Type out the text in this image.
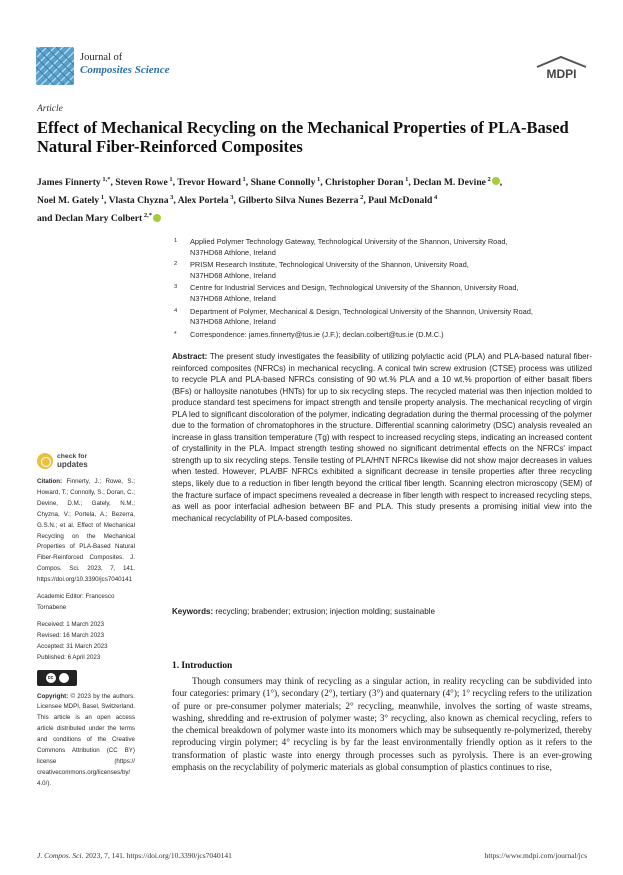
Journal of
Composites Science	MDPI
Article
Effect of Mechanical Recycling on the Mechanical Properties of PLA-Based Natural Fiber-Reinforced Composites
James Finnerty $^{1,*}$, Steven Rowe $^1$, Trevor Howard $^1$, Shane Connolly $^1$, Christopher Doran $^1$, Declan M. Devine $^2$ ,
Noel M. Gately $^1$, Vlasta Chyzna $^3$, Alex Portela $^3$, Gilberto Silva Nunes Bezerra $^2$, Paul McDonald $^4$
and Declan Mary Colbert $^{2,*}$
1 Applied Polymer Technology Gateway, Technological University of the Shannon, University Road,
N37HD68 Athlone, Ireland
2 PRISM Research Institute, Technological University of the Shannon, University Road,
N37HD68 Athlone, Ireland
3 Centre for Industrial Services and Design, Technological University of the Shannon, University Road,
N37HD68 Athlone, Ireland
4 Department of Polymer, Mechanical & Design, Technological University of the Shannon, University Road,
N37HD68 Athlone, Ireland
* Correspondence: james.finnerty@tus.ie (J.F.); declan.colbert@tus.ie (D.M.C.)
Abstract: The present study investigates the feasibility of utilizing polylactic acid (PLA) and PLA-based natural fiber-reinforced composites (NFRCs) in mechanical recycling. A conical twin screw extrusion (CTSE) process was utilized to recycle PLA and PLA-based NFRCs consisting of 90 wt.% PLA and a 10 wt.% proportion of either basalt fibers (BFs) or halloysite nanotubes (HNTs) for up to six recycling steps. The recycled material was then injection molded to produce standard test specimens for impact strength and tensile property analysis. The mechanical recycling of virgin PLA led to significant discoloration of the polymer, indicating degradation during the thermal processing of the polymer due to the formation of chromatophores in the structure. Differential scanning calorimetry (DSC) analysis revealed an increase in glass transition temperature (Tg) with respect to increased recycling steps, indicating an increased content of crystallinity in the PLA. Impact strength testing showed no significant detrimental effects on the NFRCs' impact strength up to six recycling steps. Tensile testing of PLA/HNT NFRCs likewise did not show major decreases in values when tested. However, PLA/BF NFRCs exhibited a significant decrease in tensile properties after three recycling steps, likely due to a reduction in fiber length beyond the critical fiber length. Scanning electron microscopy (SEM) of the fracture surface of impact specimens revealed a decrease in fiber length with respect to increased recycling steps, as well as poor interfacial adhesion between BF and PLA. This study presents a promising initial view into the mechanical recyclability of PLA-based composites.
Keywords: recycling; brabender; extrusion; injection molding; sustainable
check for
updates
Citation: Finnerty, J.; Rowe, S.; Howard, T.; Connolly, S.; Doran, C.; Devine, D.M.; Gately, N.M.; Chyzna, V.; Portela, A.; Bezerra, G.S.N.; et al. Effect of Mechanical Recycling on the Mechanical Properties of PLA-Based Natural Fiber-Reinforced Composites. J. Compos. Sci. 2023, 7, 141. https://doi.org/10.3390/jcs7040141
Academic Editor: Francesco Tornabene
Received: 1 March 2023
Revised: 16 March 2023
Accepted: 31 March 2023
Published: 6 April 2023
cc
Copyright: © 2023 by the authors. Licensee MDPI, Basel, Switzerland. This article is an open access article distributed under the terms and conditions of the Creative Commons Attribution (CC BY) license (https:// creativecommons.org/licenses/by/ 4.0/).
1. Introduction
Though consumers may think of recycling as a singular action, in reality recycling can be subdivided into four categories: primary (1°), secondary (2°), tertiary (3°) and quaternary (4°); 1° recycling refers to the utilization of pure or pre-consumer polymer materials; 2° recycling, meanwhile, involves the sorting of waste streams, washing, shredding and re-extrusion of polymer waste; 3° recycling, also known as chemical recycling, refers to the chemical breakdown of polymer waste into its monomers which may be subsequently re-polymerized, thereby reproducing virgin polymer; 4° recycling is by far the least environmentally friendly option as it refers to the transformation of plastic waste into energy through processes such as pyrolysis. There is an ever-growing emphasis on the recyclability of polymeric materials as global consumption of plastics continues to rise,
J. Compos. Sci. 2023, 7, 141. https://doi.org/10.3390/jcs7040141	https://www.mdpi.com/journal/jcs
